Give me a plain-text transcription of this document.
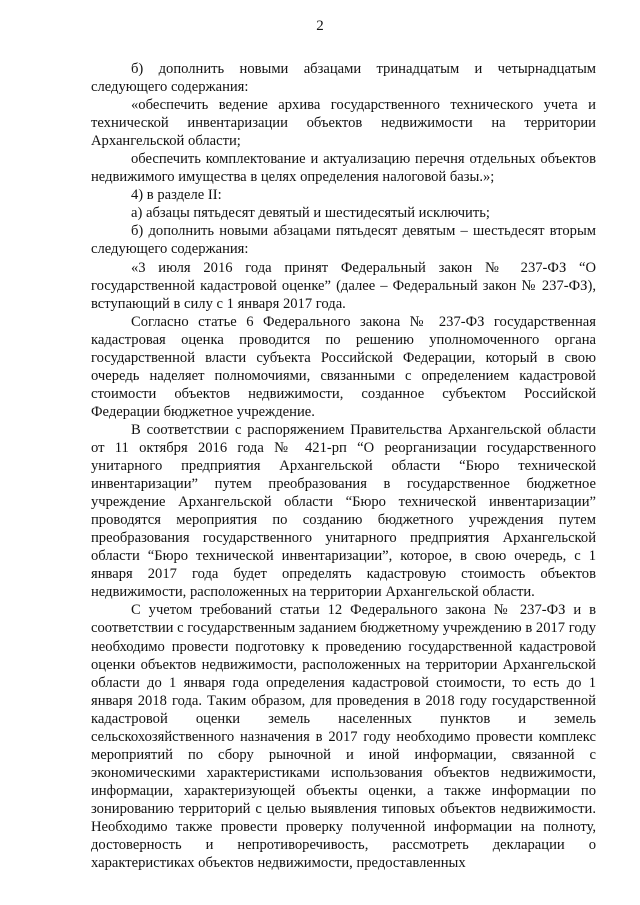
2

б) дополнить новыми абзацами тринадцатым и четырнадцатым следующего содержания:

«обеспечить ведение архива государственного технического учета и технической инвентаризации объектов недвижимости на территории Архангельской области;

обеспечить комплектование и актуализацию перечня отдельных объектов недвижимого имущества в целях определения налоговой базы.»;

4) в разделе II:

а) абзацы пятьдесят девятый и шестидесятый исключить;

б) дополнить новыми абзацами пятьдесят девятым – шестьдесят вторым следующего содержания:

«3 июля 2016 года принят Федеральный закон № 237-ФЗ “О государственной кадастровой оценке” (далее – Федеральный закон № 237-ФЗ), вступающий в силу с 1 января 2017 года.

Согласно статье 6 Федерального закона № 237-ФЗ государственная кадастровая оценка проводится по решению уполномоченного органа государственной власти субъекта Российской Федерации, который в свою очередь наделяет полномочиями, связанными с определением кадастровой стоимости объектов недвижимости, созданное субъектом Российской Федерации бюджетное учреждение.

В соответствии с распоряжением Правительства Архангельской области от 11 октября 2016 года № 421-рп “О реорганизации государственного унитарного предприятия Архангельской области “Бюро технической инвентаризации” путем преобразования в государственное бюджетное учреждение Архангельской области “Бюро технической инвентаризации” проводятся мероприятия по созданию бюджетного учреждения путем преобразования государственного унитарного предприятия Архангельской области “Бюро технической инвентаризации”, которое, в свою очередь, с 1 января 2017 года будет определять кадастровую стоимость объектов недвижимости, расположенных на территории Архангельской области.

С учетом требований статьи 12 Федерального закона № 237-ФЗ и в соответствии с государственным заданием бюджетному учреждению в 2017 году необходимо провести подготовку к проведению государственной кадастровой оценки объектов недвижимости, расположенных на территории Архангельской области до 1 января года определения кадастровой стоимости, то есть до 1 января 2018 года. Таким образом, для проведения в 2018 году государственной кадастровой оценки земель населенных пунктов и земель сельскохозяйственного назначения в 2017 году необходимо провести комплекс мероприятий по сбору рыночной и иной информации, связанной с экономическими характеристиками использования объектов недвижимости, информации, характеризующей объекты оценки, а также информации по зонированию территорий с целью выявления типовых объектов недвижимости. Необходимо также провести проверку полученной информации на полноту, достоверность и непротиворечивость, рассмотреть декларации о характеристиках объектов недвижимости, предоставленных
